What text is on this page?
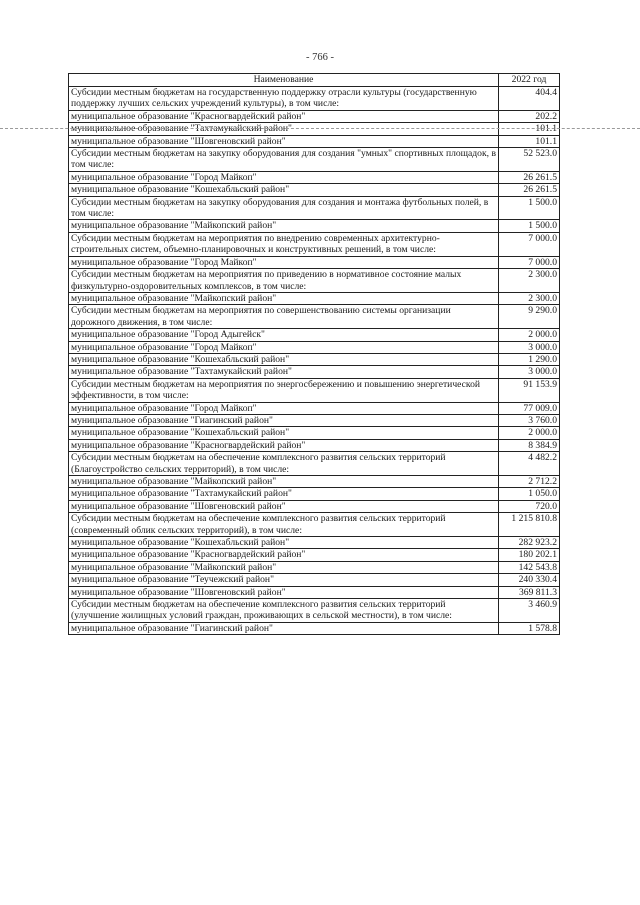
- 766 -
Наименование	2022 год
Субсидии местным бюджетам на государственную поддержку отрасли культуры (государственную поддержку лучших сельских учреждений культуры), в том числе:	404.4
муниципальное образование "Красногвардейский район"	202.2
муниципальное образование "Тахтамукайский район"	101.1
муниципальное образование "Шовгеновский район"	101.1
Субсидии местным бюджетам на закупку оборудования для создания "умных" спортивных площадок, в том числе:	52 523.0
муниципальное образование "Город Майкоп"	26 261.5
муниципальное образование "Кошехабльский район"	26 261.5
Субсидии местным бюджетам на закупку оборудования для создания и монтажа футбольных полей, в том числе:	1 500.0
муниципальное образование "Майкопский район"	1 500.0
Субсидии местным бюджетам на мероприятия по внедрению современных архитектурно-строительных систем, объемно-планировочных и конструктивных решений, в том числе:	7 000.0
муниципальное образование "Город Майкоп"	7 000.0
Субсидии местным бюджетам на мероприятия по приведению в нормативное состояние малых физкультурно-оздоровительных комплексов, в том числе:	2 300.0
муниципальное образование "Майкопский район"	2 300.0
Субсидии местным бюджетам на мероприятия по совершенствованию системы организации дорожного движения, в том числе:	9 290.0
муниципальное образование "Город Адыгейск"	2 000.0
муниципальное образование "Город Майкоп"	3 000.0
муниципальное образование "Кошехабльский район"	1 290.0
муниципальное образование "Тахтамукайский район"	3 000.0
Субсидии местным бюджетам на мероприятия по энергосбережению и повышению энергетической эффективности, в том числе:	91 153.9
муниципальное образование "Город Майкоп"	77 009.0
муниципальное образование "Гиагинский район"	3 760.0
муниципальное образование "Кошехабльский район"	2 000.0
муниципальное образование "Красногвардейский район"	8 384.9
Субсидии местным бюджетам на обеспечение комплексного развития сельских территорий (Благоустройство сельских территорий), в том числе:	4 482.2
муниципальное образование "Майкопский район"	2 712.2
муниципальное образование "Тахтамукайский район"	1 050.0
муниципальное образование "Шовгеновский район"	720.0
Субсидии местным бюджетам на обеспечение комплексного развития сельских территорий (современный облик сельских территорий), в том числе:	1 215 810.8
муниципальное образование "Кошехабльский район"	282 923.2
муниципальное образование "Красногвардейский район"	180 202.1
муниципальное образование "Майкопский район"	142 543.8
муниципальное образование "Теучежский район"	240 330.4
муниципальное образование "Шовгеновский район"	369 811.3
Субсидии местным бюджетам на обеспечение комплексного развития сельских территорий (улучшение жилищных условий граждан, проживающих в сельской местности), в том числе:	3 460.9
муниципальное образование "Гиагинский район"	1 578.8
